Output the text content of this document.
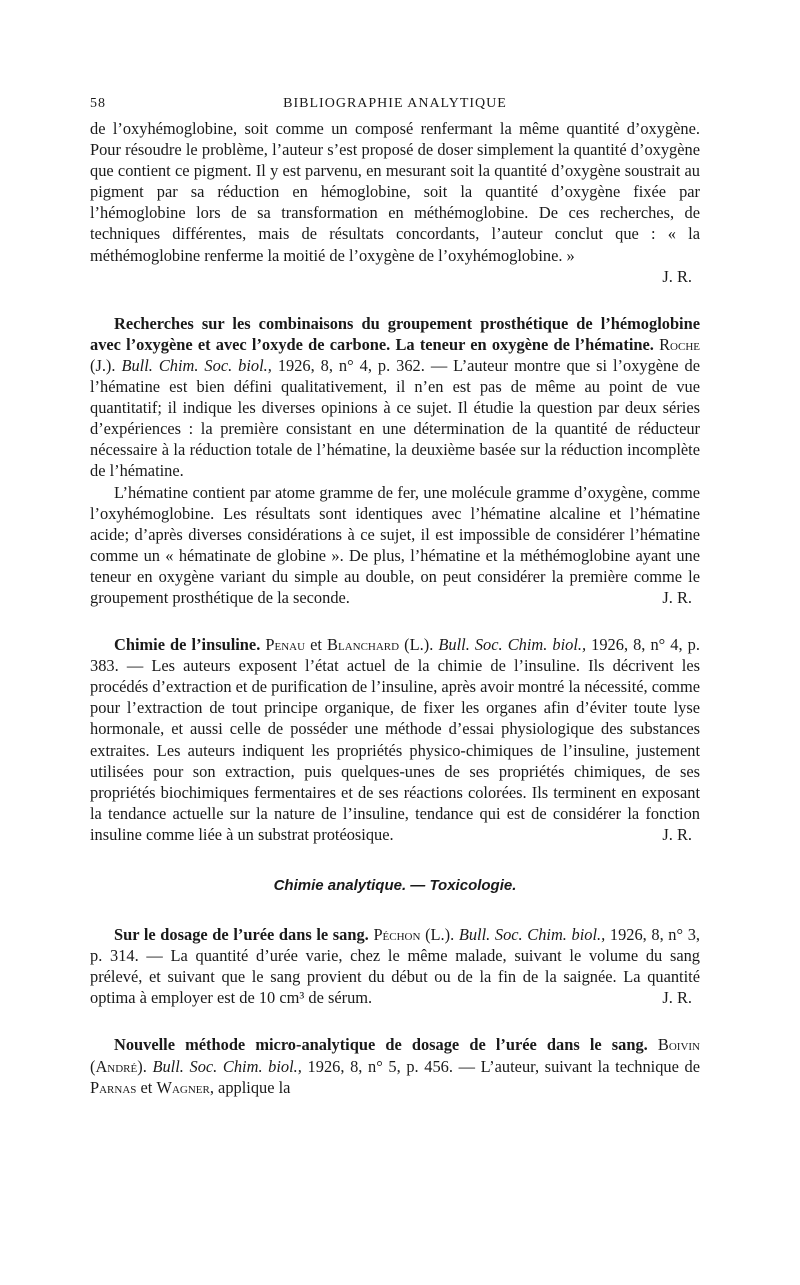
58	BIBLIOGRAPHIE ANALYTIQUE

de l’oxyhémoglobine, soit comme un composé renfermant la même quantité d’oxygène. Pour résoudre le problème, l’auteur s’est proposé de doser simplement la quantité d’oxygène que contient ce pigment. Il y est parvenu, en mesurant soit la quantité d’oxygène soustrait au pigment par sa réduction en hémoglobine, soit la quantité d’oxygène fixée par l’hémoglobine lors de sa transformation en méthémoglobine. De ces recherches, de techniques différentes, mais de résultats concordants, l’auteur conclut que : « la méthémoglobine renferme la moitié de l’oxygène de l’oxyhémoglobine. »

J. R.

Recherches sur les combinaisons du groupement prosthétique de l’hémoglobine avec l’oxygène et avec l’oxyde de carbone. La teneur en oxygène de l’hématine. Roche (J.). Bull. Chim. Soc. biol., 1926, 8, n° 4, p. 362. — L’auteur montre que si l’oxygène de l’hématine est bien défini qualitativement, il n’en est pas de même au point de vue quantitatif; il indique les diverses opinions à ce sujet. Il étudie la question par deux séries d’expériences : la première consistant en une détermination de la quantité de réducteur nécessaire à la réduction totale de l’hématine, la deuxième basée sur la réduction incomplète de l’hématine.

L’hématine contient par atome gramme de fer, une molécule gramme d’oxygène, comme l’oxyhémoglobine. Les résultats sont identiques avec l’hématine alcaline et l’hématine acide; d’après diverses considérations à ce sujet, il est impossible de considérer l’hématine comme un « hématinate de globine ». De plus, l’hématine et la méthémoglobine ayant une teneur en oxygène variant du simple au double, on peut considérer la première comme le groupement prosthétique de la seconde.	J. R.

Chimie de l’insuline. Penau et Blanchard (L.). Bull. Soc. Chim. biol., 1926, 8, n° 4, p. 383. — Les auteurs exposent l’état actuel de la chimie de l’insuline. Ils décrivent les procédés d’extraction et de purification de l’insuline, après avoir montré la nécessité, comme pour l’extraction de tout principe organique, de fixer les organes afin d’éviter toute lyse hormonale, et aussi celle de posséder une méthode d’essai physiologique des substances extraites. Les auteurs indiquent les propriétés physico-chimiques de l’insuline, justement utilisées pour son extraction, puis quelques-unes de ses propriétés chimiques, de ses propriétés biochimiques fermentaires et de ses réactions colorées. Ils terminent en exposant la tendance actuelle sur la nature de l’insuline, tendance qui est de considérer la fonction insuline comme liée à un substrat protéosique.	J. R.

Chimie analytique. — Toxicologie.

Sur le dosage de l’urée dans le sang. Péchon (L.). Bull. Soc. Chim. biol., 1926, 8, n° 3, p. 314. — La quantité d’urée varie, chez le même malade, suivant le volume du sang prélevé, et suivant que le sang provient du début ou de la fin de la saignée. La quantité optima à employer est de 10 cm³ de sérum.	J. R.

Nouvelle méthode micro-analytique de dosage de l’urée dans le sang. Boivin (André). Bull. Soc. Chim. biol., 1926, 8, n° 5, p. 456. — L’auteur, suivant la technique de Parnas et Wagner, applique la
